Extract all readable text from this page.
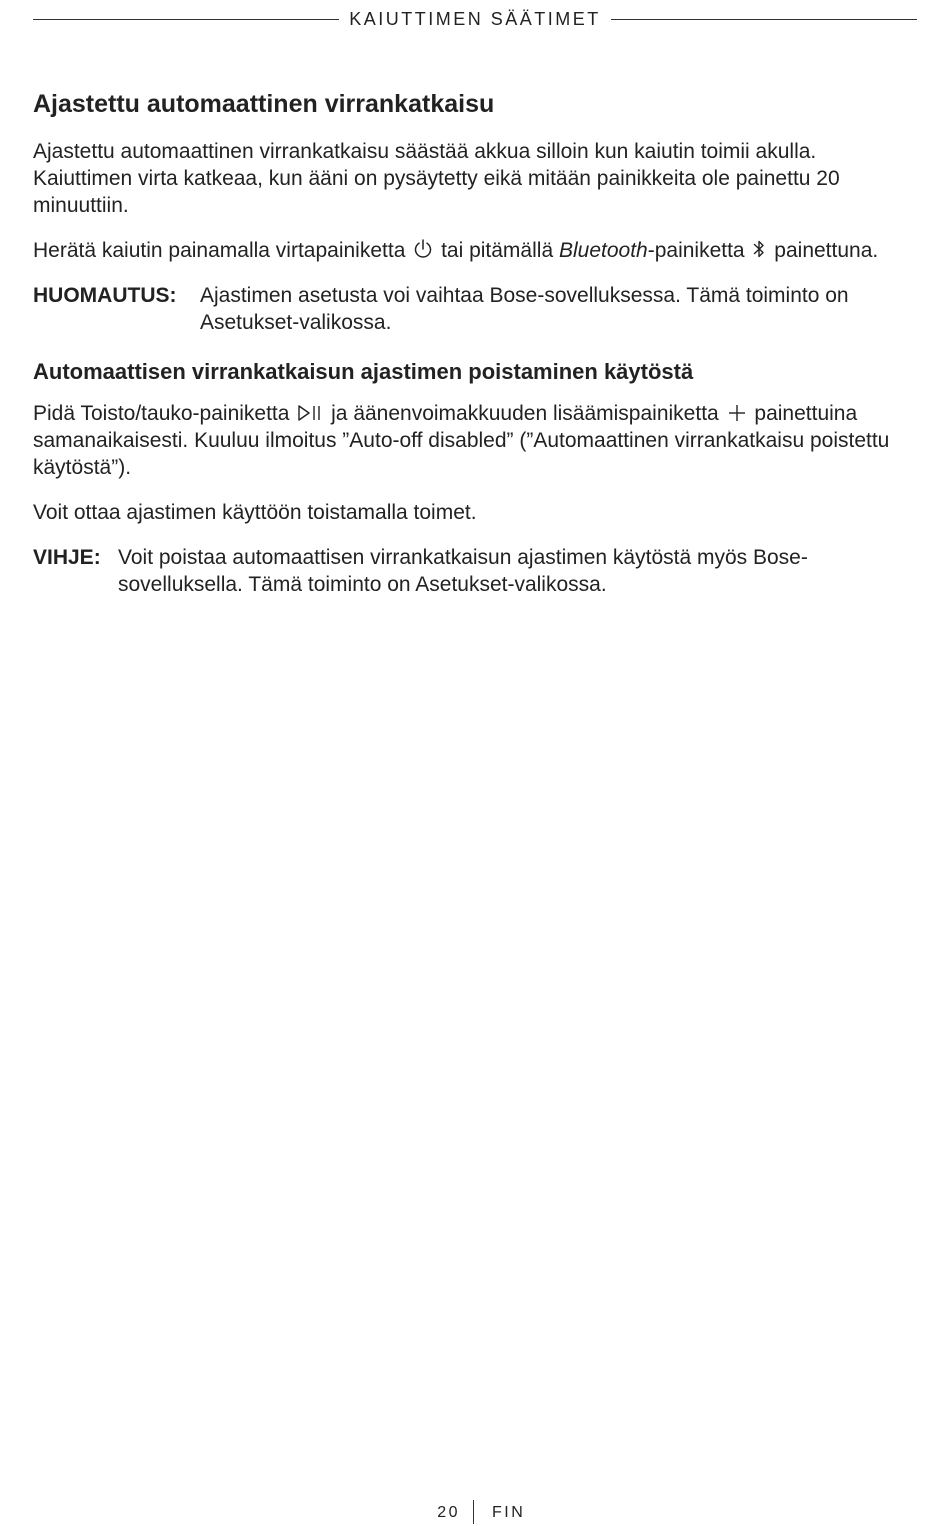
KAIUTTIMEN SÄÄTIMET
Ajastettu automaattinen virrankatkaisu

Ajastettu automaattinen virrankatkaisu säästää akkua silloin kun kaiutin toimii akulla. Kaiuttimen virta katkeaa, kun ääni on pysäytetty eikä mitään painikkeita ole painettu 20 minuuttiin.

Herätä kaiutin painamalla virtapainiketta tai pitämällä Bluetooth-painiketta painettuna.

HUOMAUTUS:	Ajastimen asetusta voi vaihtaa Bose-sovelluksessa. Tämä toiminto on Asetukset-valikossa.
Automaattisen virrankatkaisun ajastimen poistaminen käytöstä

Pidä Toisto/tauko-painiketta ja äänenvoimakkuuden lisäämispainiketta painettuina samanaikaisesti. Kuuluu ilmoitus ”Auto-off disabled” (”Automaattinen virrankatkaisu poistettu käytöstä”).

Voit ottaa ajastimen käyttöön toistamalla toimet.

VIHJE: Voit poistaa automaattisen virrankatkaisun ajastimen käytöstä myös Bose-sovelluksella. Tämä toiminto on Asetukset-valikossa.
20 FIN
